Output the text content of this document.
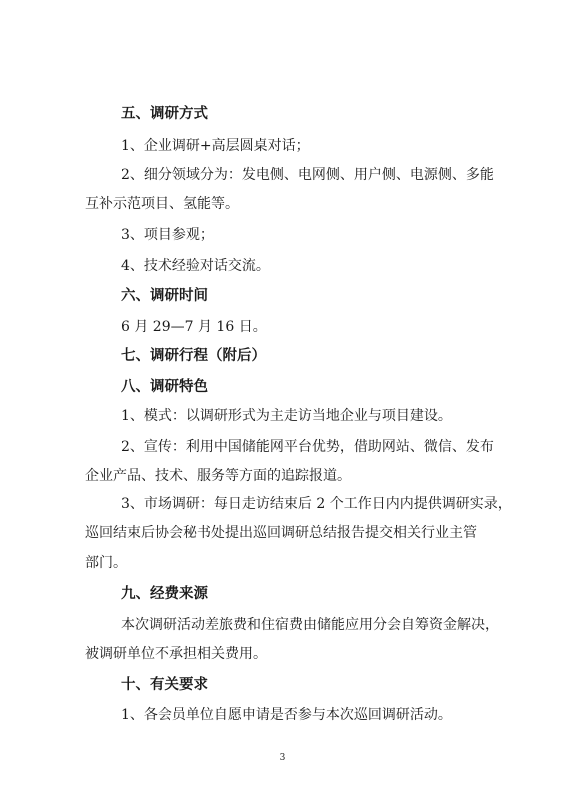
五、调研方式
1、企业调研+高层圆桌对话；
2、细分领域分为：发电侧、电网侧、用户侧、电源侧、多能
互补示范项目、氢能等。
3、项目参观；
4、技术经验对话交流。
六、调研时间
6 月 29—7 月 16 日。
七、调研行程（附后）
八、调研特色
1、模式：以调研形式为主走访当地企业与项目建设。
2、宣传：利用中国储能网平台优势，借助网站、微信、发布
企业产品、技术、服务等方面的追踪报道。
3、市场调研：每日走访结束后 2 个工作日内内提供调研实录，
巡回结束后协会秘书处提出巡回调研总结报告提交相关行业主管
部门。
九、经费来源
本次调研活动差旅费和住宿费由储能应用分会自筹资金解决，
被调研单位不承担相关费用。
十、有关要求
1、各会员单位自愿申请是否参与本次巡回调研活动。
3
